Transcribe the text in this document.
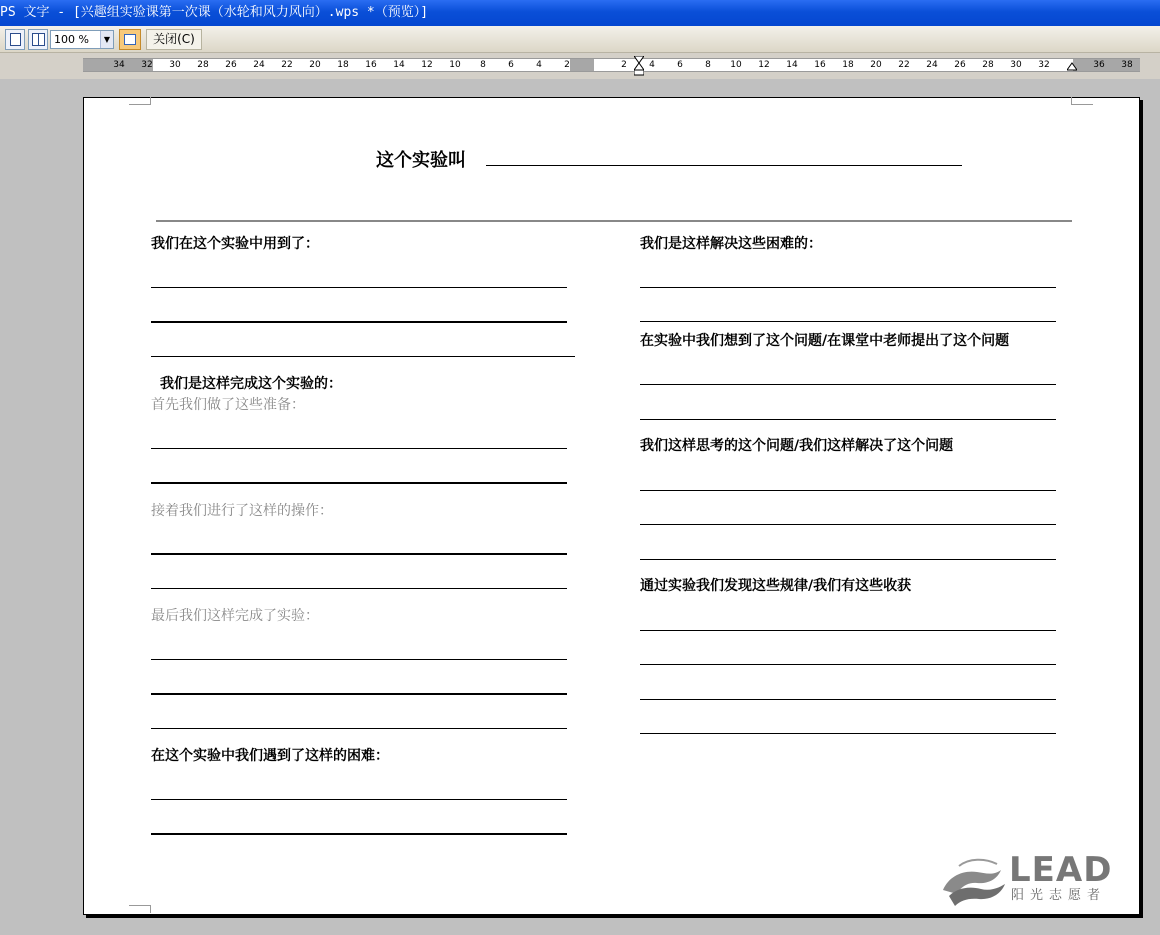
PS 文字 - [兴趣组实验课第一次课（水轮和风力风向）.wps *（预览）]
100 %	▼	关闭(C)
34 32 30 28 26 24 22 20 18 16 14 12 10 8 6 4 2	2 4 6 8 10 12 14 16 18 20 22 24 26 28 30 32	36 38
这个实验叫
我们在这个实验中用到了：
我们是这样完成这个实验的：
首先我们做了这些准备：
接着我们进行了这样的操作：
最后我们这样完成了实验：
在这个实验中我们遇到了这样的困难：
我们是这样解决这些困难的：
在实验中我们想到了这个问题/在课堂中老师提出了这个问题
我们这样思考的这个问题/我们这样解决了这个问题
通过实验我们发现这些规律/我们有这些收获
LEAD
阳光志愿者
